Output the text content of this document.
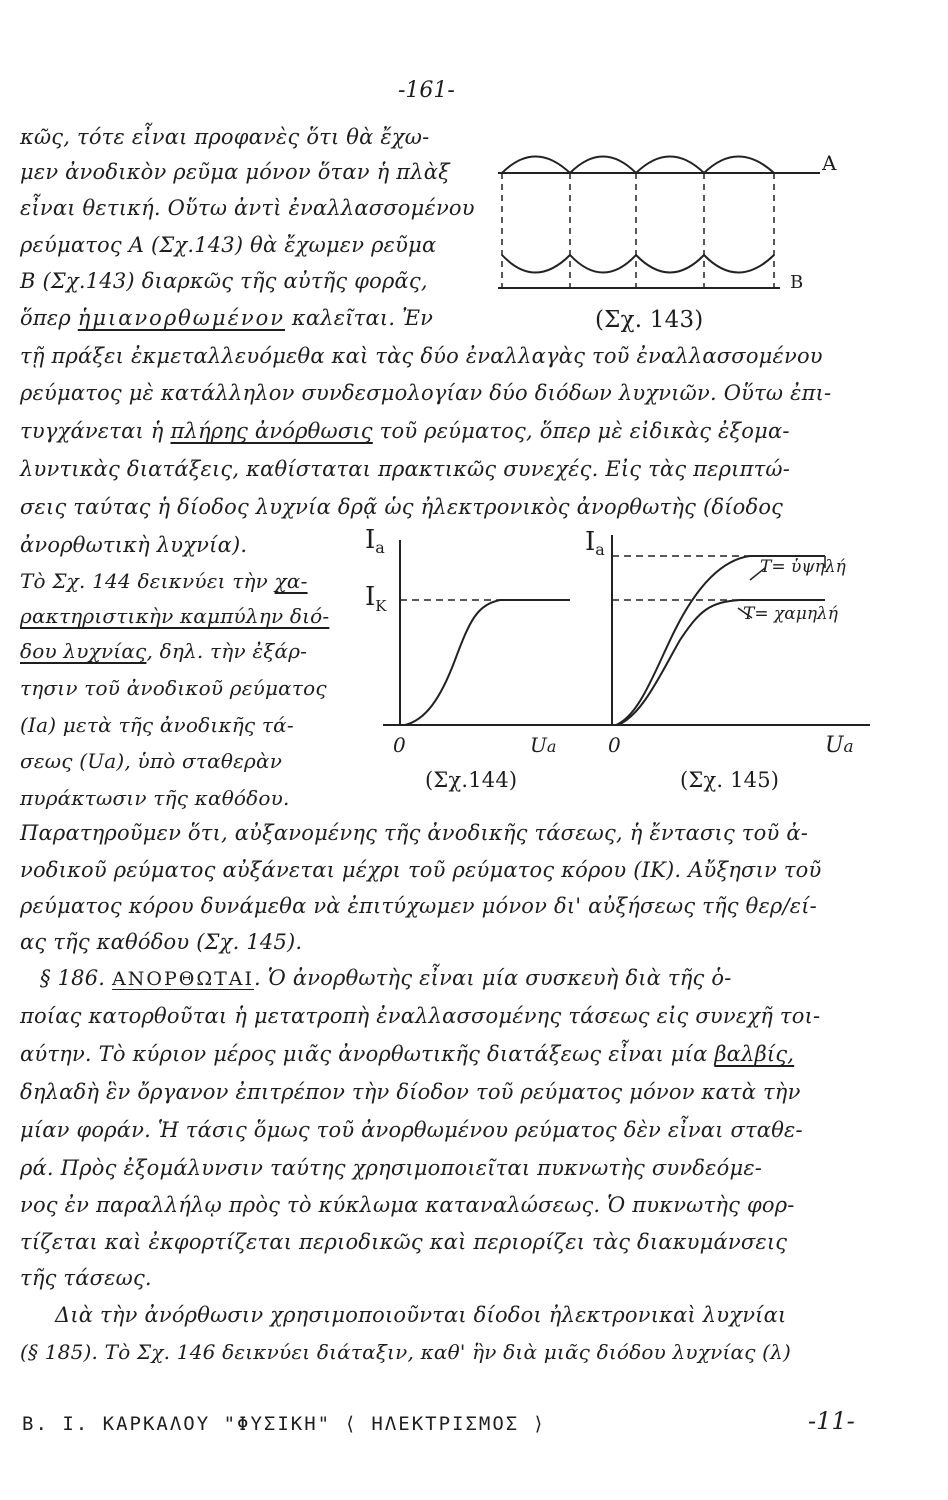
-161-
A
B
(Σχ. 143)
Ia
$I_K$
0	Ua
(Σχ.144)
Ia
0	Ua
T= ὑψηλή
T= χαμηλή
(Σχ. 145)
κῶς, τότε εἶναι προφανὲς ὅτι θὰ ἔχω-
μεν ἀνοδικὸν ρεῦμα μόνον ὅταν ἡ πλὰξ
εἶναι θετική. Οὕτω ἀντὶ ἐναλλασσομένου
ρεύματος Α (Σχ.143) θὰ ἔχωμεν ρεῦμα
Β (Σχ.143) διαρκῶς τῆς αὐτῆς φορᾶς,
ὅπερ ἡμιανορθωμένον καλεῖται. Ἐν
τῇ πράξει ἐκμεταλλευόμεθα καὶ τὰς δύο ἐναλλαγὰς τοῦ ἐναλλασσομένου
ρεύματος μὲ κατάλληλον συνδεσμολογίαν δύο διόδων λυχνιῶν. Οὕτω ἐπι-
τυγχάνεται ἡ πλήρης ἀνόρθωσις τοῦ ρεύματος, ὅπερ μὲ εἰδικὰς ἐξομα-
λυντικὰς διατάξεις, καθίσταται πρακτικῶς συνεχές. Εἰς τὰς περιπτώ-
σεις ταύτας ἡ δίοδος λυχνία δρᾷ ὡς ἠλεκτρονικὸς ἀνορθωτὴς (δίοδος
ἀνορθωτικὴ λυχνία).
Τὸ Σχ. 144 δεικνύει τὴν χα-
ρακτηριστικὴν καμπύλην διό-
δου λυχνίας, δηλ. τὴν ἐξάρ-
τησιν τοῦ ἀνοδικοῦ ρεύματος
(Ia) μετὰ τῆς ἀνοδικῆς τά-
σεως (Ua), ὑπὸ σταθερὰν
πυράκτωσιν τῆς καθόδου.
Παρατηροῦμεν ὅτι, αὐξανομένης τῆς ἀνοδικῆς τάσεως, ἡ ἔντασις τοῦ ἀ-
νοδικοῦ ρεύματος αὐξάνεται μέχρι τοῦ ρεύματος κόρου (IK). Αὔξησιν τοῦ
ρεύματος κόρου δυνάμεθα νὰ ἐπιτύχωμεν μόνον δι' αὐξήσεως τῆς θερ/εί-
ας τῆς καθόδου (Σχ. 145).
§ 186. ΑΝΟΡΘΩΤΑΙ. Ὁ ἀνορθωτὴς εἶναι μία συσκευὴ διὰ τῆς ὁ-
ποίας κατορθοῦται ἡ μετατροπὴ ἐναλλασσομένης τάσεως εἰς συνεχῆ τοι-
αύτην. Τὸ κύριον μέρος μιᾶς ἀνορθωτικῆς διατάξεως εἶναι μία βαλβίς,
δηλαδὴ ἓν ὄργανον ἐπιτρέπον τὴν δίοδον τοῦ ρεύματος μόνον κατὰ τὴν
μίαν φοράν. Ἡ τάσις ὅμως τοῦ ἀνορθωμένου ρεύματος δὲν εἶναι σταθε-
ρά. Πρὸς ἐξομάλυνσιν ταύτης χρησιμοποιεῖται πυκνωτὴς συνδεόμε-
νος ἐν παραλλήλῳ πρὸς τὸ κύκλωμα καταναλώσεως. Ὁ πυκνωτὴς φορ-
τίζεται καὶ ἐκφορτίζεται περιοδικῶς καὶ περιορίζει τὰς διακυμάνσεις
τῆς τάσεως.
Διὰ τὴν ἀνόρθωσιν χρησιμοποιοῦνται δίοδοι ἠλεκτρονικαὶ λυχνίαι
(§ 185). Τὸ Σχ. 146 δεικνύει διάταξιν, καθ' ἣν διὰ μιᾶς διόδου λυχνίας (λ)
Β. Ι. ΚΑΡΚΑΛΟΥ "ΦΥΣΙΚΗ" ⟨ ΗΛΕΚΤΡΙΣΜΟΣ ⟩	-11-
